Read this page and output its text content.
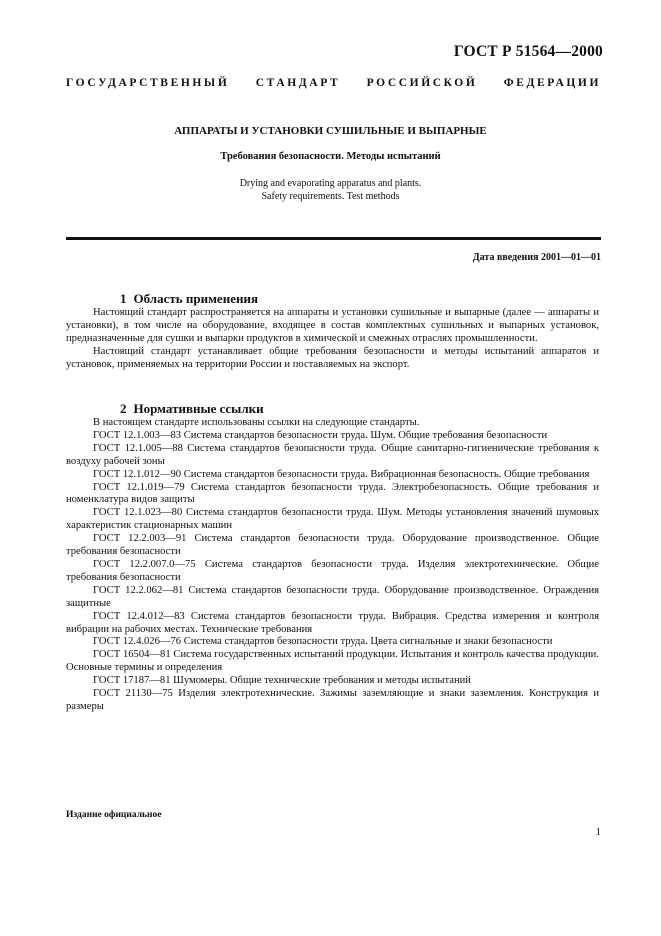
ГОСТ Р 51564—2000
ГОСУДАРСТВЕННЫЙ СТАНДАРТ РОССИЙСКОЙ ФЕДЕРАЦИИ
АППАРАТЫ И УСТАНОВКИ СУШИЛЬНЫЕ И ВЫПАРНЫЕ
Требования безопасности. Методы испытаний
Drying and evaporating apparatus and plants.
Safety requirements. Test methods
Дата введения 2001—01—01

1 Область применения

Настоящий стандарт распространяется на аппараты и установки сушильные и выпарные (далее — аппараты и установки), в том числе на оборудование, входящее в состав комплектных сушильных и выпарных установок, предназначенные для сушки и выпарки продуктов в химической и смежных отраслях промышленности.

Настоящий стандарт устанавливает общие требования безопасности и методы испытаний аппаратов и установок, применяемых на территории России и поставляемых на экспорт.

2 Нормативные ссылки

В настоящем стандарте использованы ссылки на следующие стандарты.

ГОСТ 12.1.003—83 Система стандартов безопасности труда. Шум. Общие требования безопасности

ГОСТ 12.1.005—88 Система стандартов безопасности труда. Общие санитарно-гигиенические требования к воздуху рабочей зоны

ГОСТ 12.1.012—90 Система стандартов безопасности труда. Вибрационная безопасность. Общие требования

ГОСТ 12.1.019—79 Система стандартов безопасности труда. Электробезопасность. Общие требования и номенклатура видов защиты

ГОСТ 12.1.023—80 Система стандартов безопасности труда. Шум. Методы установления значений шумовых характеристик стационарных машин

ГОСТ 12.2.003—91 Система стандартов безопасности труда. Оборудование производственное. Общие требования безопасности

ГОСТ 12.2.007.0—75 Система стандартов безопасности труда. Изделия электротехнические. Общие требования безопасности

ГОСТ 12.2.062—81 Система стандартов безопасности труда. Оборудование производственное. Ограждения защитные

ГОСТ 12.4.012—83 Система стандартов безопасности труда. Вибрация. Средства измерения и контроля вибрации на рабочих местах. Технические требования

ГОСТ 12.4.026—76 Система стандартов безопасности труда. Цвета сигнальные и знаки безопасности

ГОСТ 16504—81 Система государственных испытаний продукции. Испытания и контроль качества продукции. Основные термины и определения

ГОСТ 17187—81 Шумомеры. Общие технические требования и методы испытаний

ГОСТ 21130—75 Изделия электротехнические. Зажимы заземляющие и знаки заземления. Конструкция и размеры

Издание официальное
1
